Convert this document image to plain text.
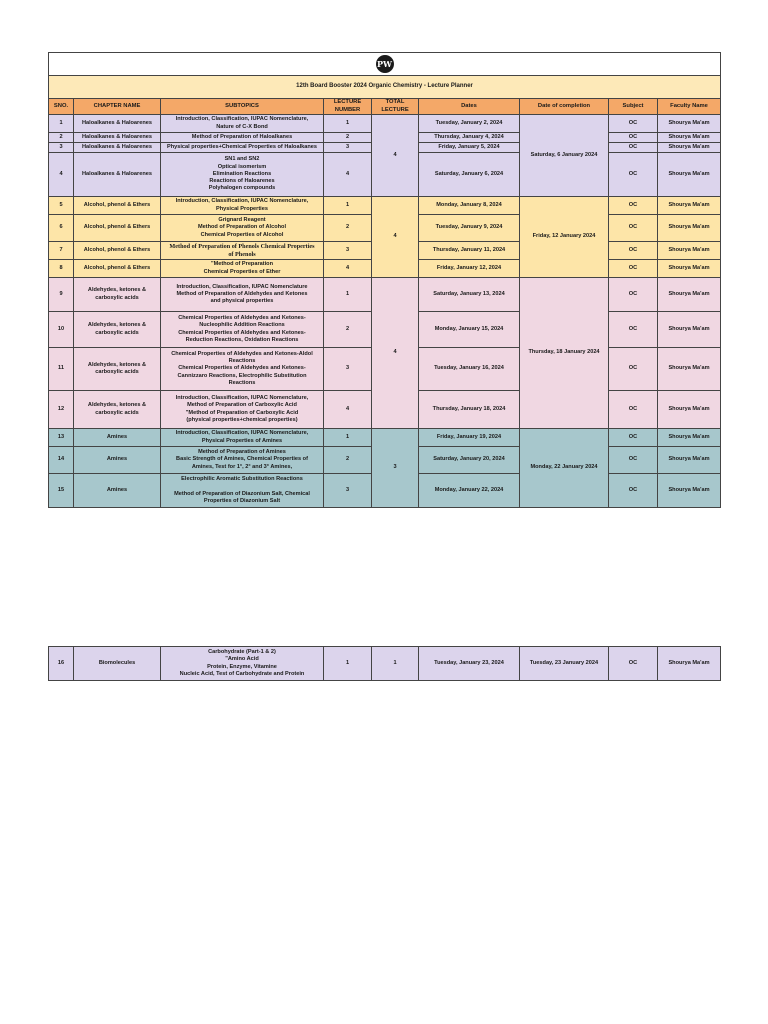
PW								
12th Board Booster 2024 Organic Chemistry - Lecture Planner								
SNO.	CHAPTER NAME	SUBTOPICS	LECTURE NUMBER	TOTAL LECTURE	Dates	Date of completion	Subject	Faculty Name
1	Haloalkanes & Haloarenes	Introduction, Classification, IUPAC Nomenclature,
Nature of C-X Bond	1	4	Tuesday, January 2, 2024	Saturday, 6 January 2024	OC	Shourya Ma'am
2	Haloalkanes & Haloarenes	Method of Preparation of Haloalkanes	2		Thursday, January 4, 2024		OC	Shourya Ma'am
3	Haloalkanes & Haloarenes	Physical properties+Chemical Properties of Haloalkanes	3		Friday, January 5, 2024		OC	Shourya Ma'am
4	Haloalkanes & Haloarenes	SN1 and SN2
Optical isomerism
Elimination Reactions
Reactions of Haloarenes
Polyhalogen compounds	4		Saturday, January 6, 2024		OC	Shourya Ma'am
5	Alcohol, phenol & Ethers	Introduction, Classification, IUPAC Nomenclature,
Physical Properties	1	4	Monday, January 8, 2024	Friday, 12 January 2024	OC	Shourya Ma'am
6	Alcohol, phenol & Ethers	Grignard Reagent
Method of Preparation of Alcohol
Chemical Properties of Alcohol	2		Tuesday, January 9, 2024		OC	Shourya Ma'am
7	Alcohol, phenol & Ethers	Method of Preparation of Phenols Chemical Properties
of Phenols	3		Thursday, January 11, 2024		OC	Shourya Ma'am
8	Alcohol, phenol & Ethers	"Method of Preparation
Chemical Properties of Ether	4		Friday, January 12, 2024		OC	Shourya Ma'am
9	Aldehydes, ketones & carboxylic acids	Introduction, Classification, IUPAC Nomenclature
Method of Preparation of Aldehydes and Ketones
and physical properties	1	4	Saturday, January 13, 2024	Thursday, 18 January 2024	OC	Shourya Ma'am
10	Aldehydes, ketones & carboxylic acids	Chemical Properties of Aldehydes and Ketones-
Nucleophilic Addition Reactions
Chemical Properties of Aldehydes and Ketones-
Reduction Reactions, Oxidation Reactions	2		Monday, January 15, 2024		OC	Shourya Ma'am
11	Aldehydes, ketones & carboxylic acids	Chemical Properties of Aldehydes and Ketones-Aldol
Reactions
Chemical Properties of Aldehydes and Ketones-
Cannizzaro Reactions, Electrophilic Substitution
Reactions	3		Tuesday, January 16, 2024		OC	Shourya Ma'am
12	Aldehydes, ketones & carboxylic acids	Introduction, Classification, IUPAC Nomenclature,
Method of Preparation of Carboxylic Acid
"Method of Preparation of Carboxylic Acid
(physical properties+chemical properties)	4		Thursday, January 18, 2024		OC	Shourya Ma'am
13	Amines	Introduction, Classification, IUPAC Nomenclature,
Physical Properties of Amines	1	3	Friday, January 19, 2024	Monday, 22 January 2024	OC	Shourya Ma'am
14	Amines	Method of Preparation of Amines
Basic Strength of Amines, Chemical Properties of
Amines, Test for 1°, 2° and 3° Amines,	2		Saturday, January 20, 2024		OC	Shourya Ma'am
15	Amines	Electrophilic Aromatic Substitution Reactions

Method of Preparation of Diazonium Salt, Chemical
Properties of Diazonium Salt	3		Monday, January 22, 2024		OC	Shourya Ma'am
16	Biomolecules	
Carbohydrate (Part-1 & 2)
"Amino Acid
Protein, Enzyme, Vitamine
Nucleic Acid, Test of Carbohydrate and Protein
	1	1	Tuesday, January 23, 2024	Tuesday, 23 January 2024	OC	Shourya Ma'am
